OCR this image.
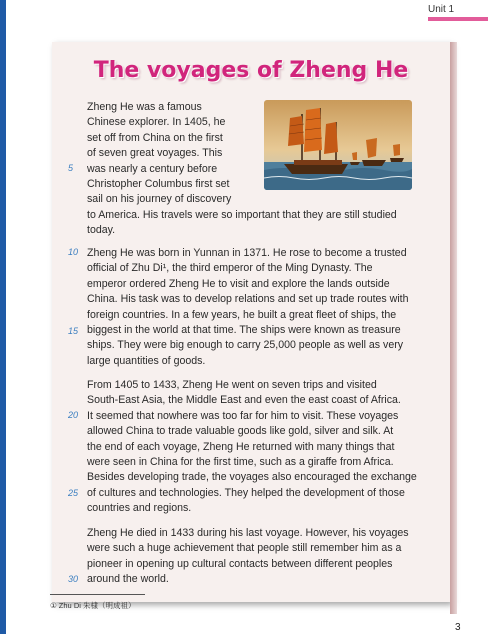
Unit 1
The voyages of Zheng He

Zheng He was a famous
Chinese explorer. In 1405, he
set off from China on the first
of seven great voyages. This
was nearly a century before
Christopher Columbus first set
sail on his journey of discovery

to America. His travels were so important that they are still studied
today.

Zheng He was born in Yunnan in 1371. He rose to become a trusted
official of Zhu Di¹, the third emperor of the Ming Dynasty. The
emperor ordered Zheng He to visit and explore the lands outside
China. His task was to develop relations and set up trade routes with
foreign countries. In a few years, he built a great fleet of ships, the
biggest in the world at that time. The ships were known as treasure
ships. They were big enough to carry 25,000 people as well as very
large quantities of goods.

From 1405 to 1433, Zheng He went on seven trips and visited
South-East Asia, the Middle East and even the east coast of Africa.
It seemed that nowhere was too far for him to visit. These voyages
allowed China to trade valuable goods like gold, silver and silk. At
the end of each voyage, Zheng He returned with many things that
were seen in China for the first time, such as a giraffe from Africa.
Besides developing trade, the voyages also encouraged the exchange
of cultures and technologies. They helped the development of those
countries and regions.

Zheng He died in 1433 during his last voyage. However, his voyages
were such a huge achievement that people still remember him as a
pioneer in opening up cultural contacts between different peoples
around the world.

5
10
15
20
25
30
① Zhu Di 朱棣（明成祖）
3
